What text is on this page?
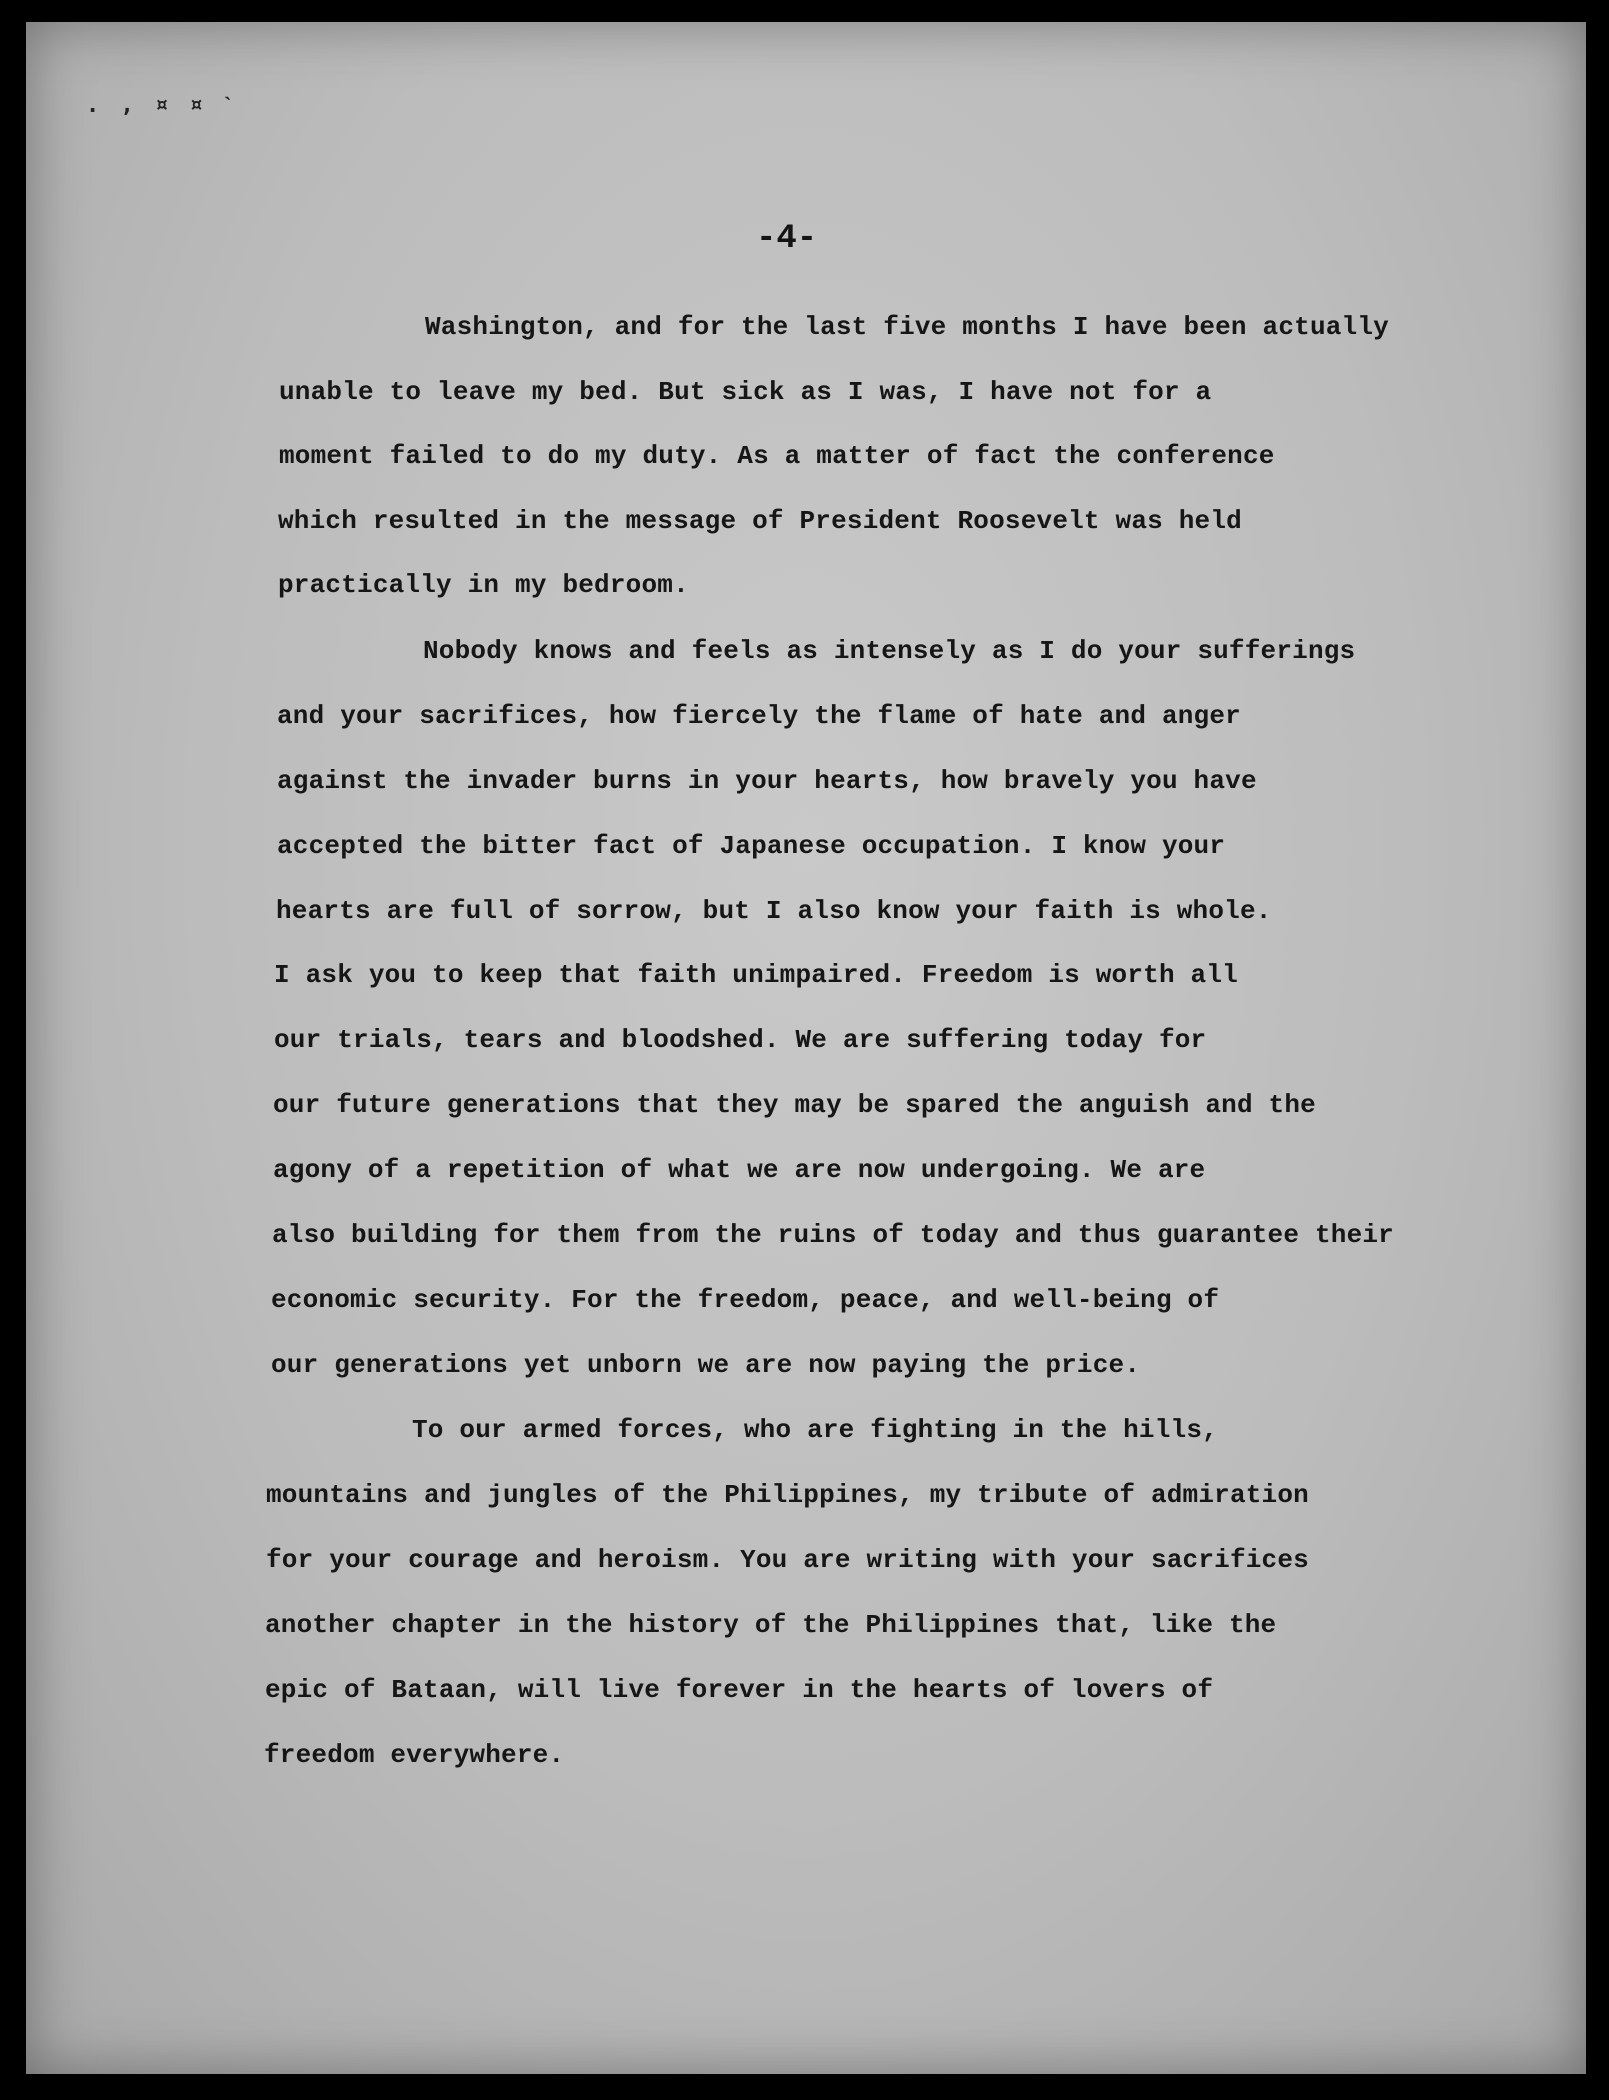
. , ¤ ¤ ˋ
-4-
Washington, and for the last five months I have been actually
unable to leave my bed. But sick as I was, I have not for a
moment failed to do my duty. As a matter of fact the conference
which resulted in the message of President Roosevelt was held
practically in my bedroom.
Nobody knows and feels as intensely as I do your sufferings
and your sacrifices, how fiercely the flame of hate and anger
against the invader burns in your hearts, how bravely you have
accepted the bitter fact of Japanese occupation. I know your
hearts are full of sorrow, but I also know your faith is whole.
I ask you to keep that faith unimpaired. Freedom is worth all
our trials, tears and bloodshed. We are suffering today for
our future generations that they may be spared the anguish and the
agony of a repetition of what we are now undergoing. We are
also building for them from the ruins of today and thus guarantee their
economic security. For the freedom, peace, and well-being of
our generations yet unborn we are now paying the price.
To our armed forces, who are fighting in the hills,
mountains and jungles of the Philippines, my tribute of admiration
for your courage and heroism. You are writing with your sacrifices
another chapter in the history of the Philippines that, like the
epic of Bataan, will live forever in the hearts of lovers of
freedom everywhere.
